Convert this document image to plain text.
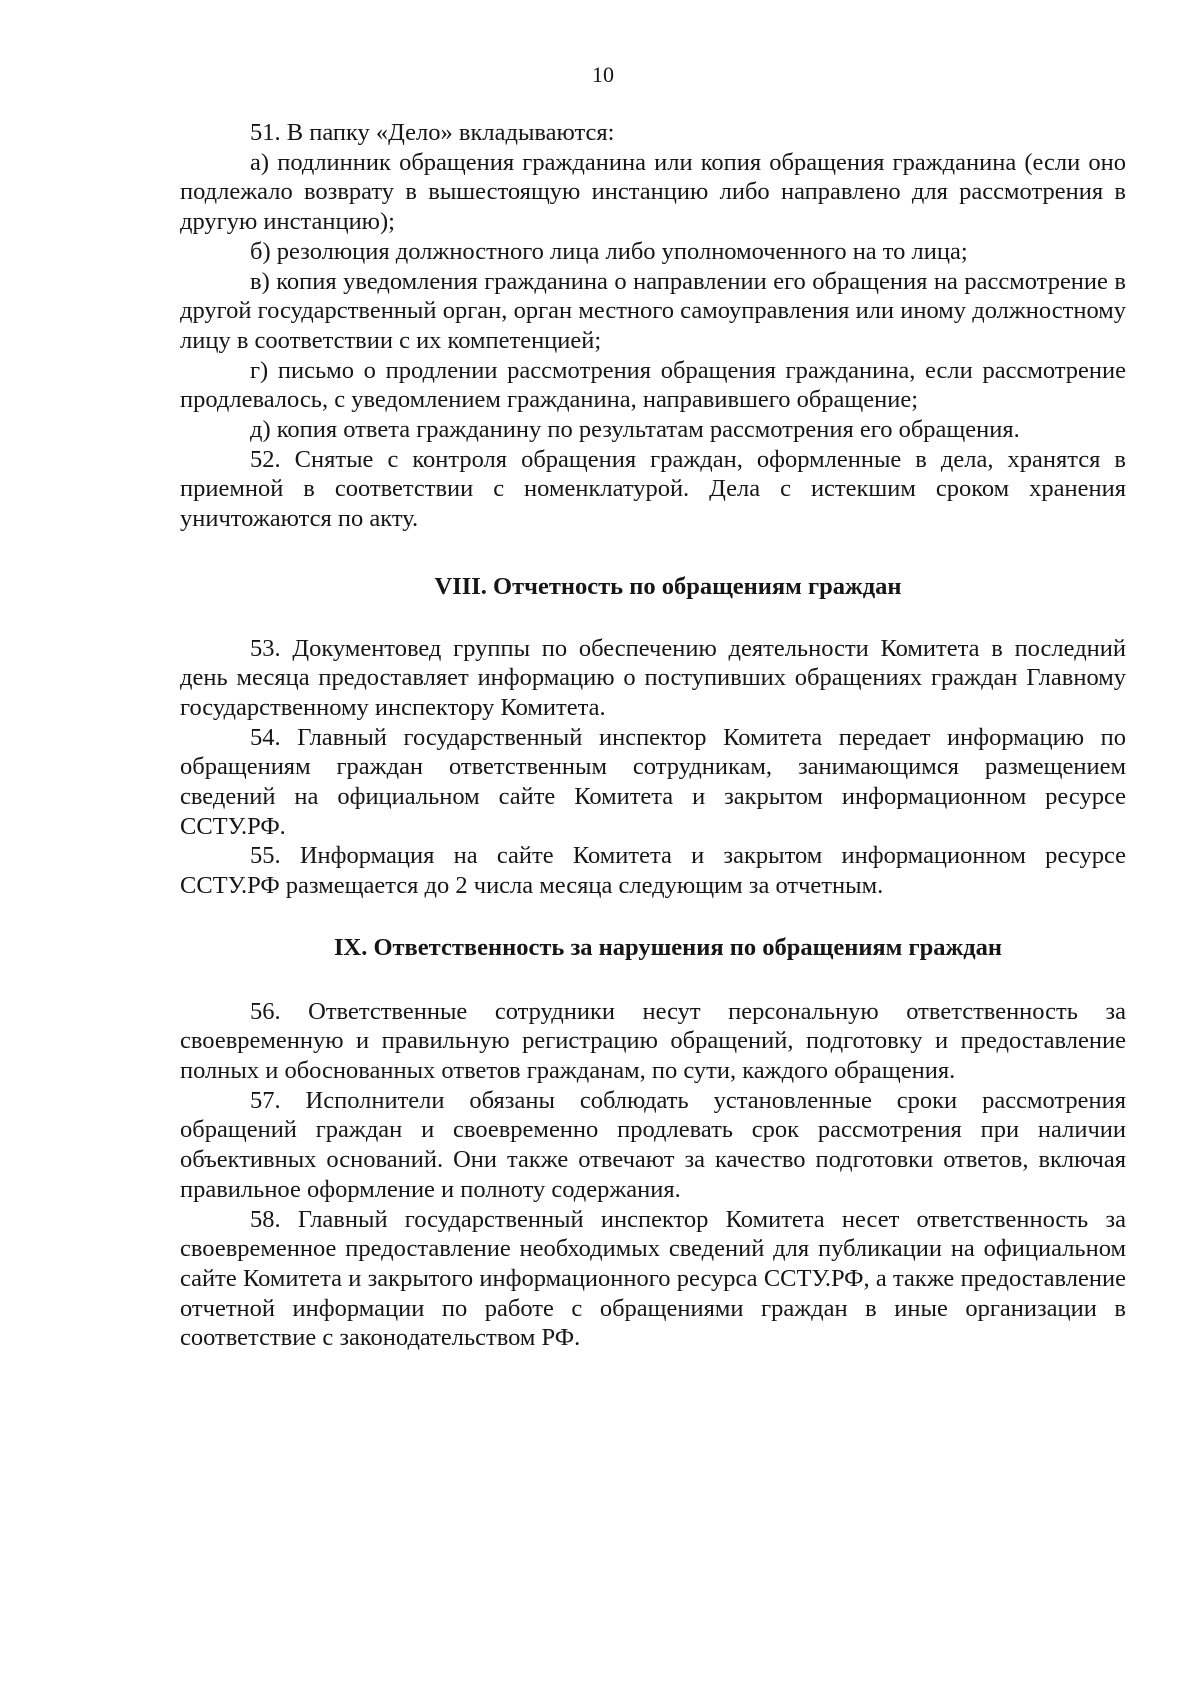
10

51. В папку «Дело» вкладываются:

а) подлинник обращения гражданина или копия обращения гражданина (если оно подлежало возврату в вышестоящую инстанцию либо направлено для рассмотрения в другую инстанцию);

б) резолюция должностного лица либо уполномоченного на то лица;

в) копия уведомления гражданина о направлении его обращения на рассмотрение в другой государственный орган, орган местного самоуправления или иному должностному лицу в соответствии с их компетенцией;

г) письмо о продлении рассмотрения обращения гражданина, если рассмотрение продлевалось, с уведомлением гражданина, направившего обращение;

д) копия ответа гражданину по результатам рассмотрения его обращения.

52. Снятые с контроля обращения граждан, оформленные в дела, хранятся в приемной в соответствии с номенклатурой. Дела с истекшим сроком хранения уничтожаются по акту.

VIII. Отчетность по обращениям граждан

53. Документовед группы по обеспечению деятельности Комитета в последний день месяца предоставляет информацию о поступивших обращениях граждан Главному государственному инспектору Комитета.

54. Главный государственный инспектор Комитета передает информацию по обращениям граждан ответственным сотрудникам, занимающимся размещением сведений на официальном сайте Комитета и закрытом информационном ресурсе ССТУ.РФ.

55. Информация на сайте Комитета и закрытом информационном ресурсе ССТУ.РФ размещается до 2 числа месяца следующим за отчетным.

IX. Ответственность за нарушения по обращениям граждан

56. Ответственные сотрудники несут персональную ответственность за своевременную и правильную регистрацию обращений, подготовку и предоставление полных и обоснованных ответов гражданам, по сути, каждого обращения.

57. Исполнители обязаны соблюдать установленные сроки рассмотрения обращений граждан и своевременно продлевать срок рассмотрения при наличии объективных оснований. Они также отвечают за качество подготовки ответов, включая правильное оформление и полноту содержания.

58. Главный государственный инспектор Комитета несет ответственность за своевременное предоставление необходимых сведений для публикации на официальном сайте Комитета и закрытого информационного ресурса ССТУ.РФ, а также предоставление отчетной информации по работе с обращениями граждан в иные организации в соответствие с законодательством РФ.
